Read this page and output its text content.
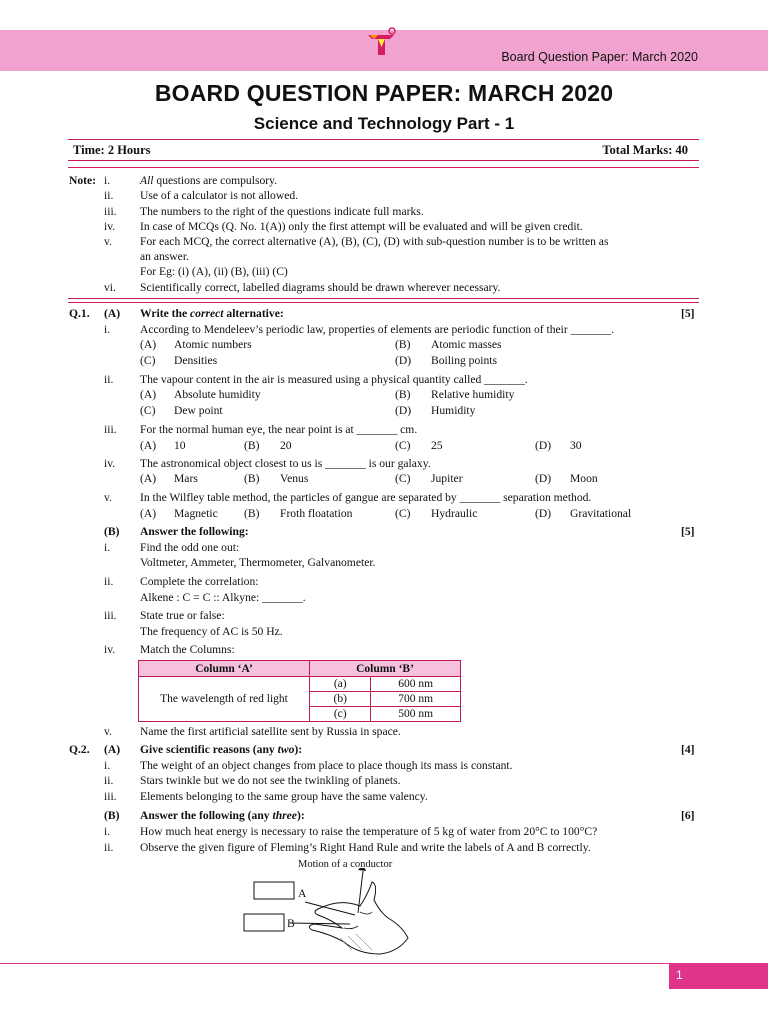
Board Question Paper: March 2020
BOARD QUESTION PAPER: MARCH 2020
Science and Technology Part - 1
Time: 2 Hours	Total Marks: 40
Note: i.	All questions are compulsory.
ii. Use of a calculator is not allowed.
iii. The numbers to the right of the questions indicate full marks.
iv. In case of MCQs (Q. No. 1(A)) only the first attempt will be evaluated and will be given credit.
v. For each MCQ, the correct alternative (A), (B), (C), (D) with sub-question number is to be written as
an answer.
For Eg: (i) (A), (ii) (B), (iii) (C)
vi. Scientifically correct, labelled diagrams should be drawn wherever necessary.
Q.1. (A) Write the correct alternative:	[5]
i.	According to Mendeleev’s periodic law, properties of elements are periodic function of their _______.
(A) Atomic numbers	(B) Atomic masses
(C) Densities	(D) Boiling points
ii. The vapour content in the air is measured using a physical quantity called _______.
(A) Absolute humidity	(B) Relative humidity
(C) Dew point	(D) Humidity
iii. For the normal human eye, the near point is at _______ cm.
(A) 10	(B) 20	(C) 25	(D) 30
iv. The astronomical object closest to us is _______ is our galaxy.
(A) Mars	(B) Venus	(C) Jupiter	(D) Moon
v. In the Wilfley table method, the particles of gangue are separated by _______ separation method.
(A) Magnetic (B) Froth floatation	(C) Hydraulic	(D) Gravitational
(B) Answer the following:	[5]
i.	Find the odd one out:
Voltmeter, Ammeter, Thermometer, Galvanometer.
ii. Complete the correlation:
Alkene : C = C :: Alkyne: _______.
iii. State true or false:
The frequency of AC is 50 Hz.
iv. Match the Columns:
Column ‘A’	Column ‘B’	
The wavelength of red light	(a)	600 nm
	(b)	700 nm
	(c)	500 nm
v. Name the first artificial satellite sent by Russia in space.
Q.2. (A) Give scientific reasons (any two):	[4]
i.	The weight of an object changes from place to place though its mass is constant.
ii. Stars twinkle but we do not see the twinkling of planets.
iii. Elements belonging to the same group have the same valency.
(B) Answer the following (any three):	[6]
i.	How much heat energy is necessary to raise the temperature of 5 kg of water from 20°C to 100°C?
ii. Observe the given figure of Fleming’s Right Hand Rule and write the labels of A and B correctly.
Motion of a conductor
A
B
1
